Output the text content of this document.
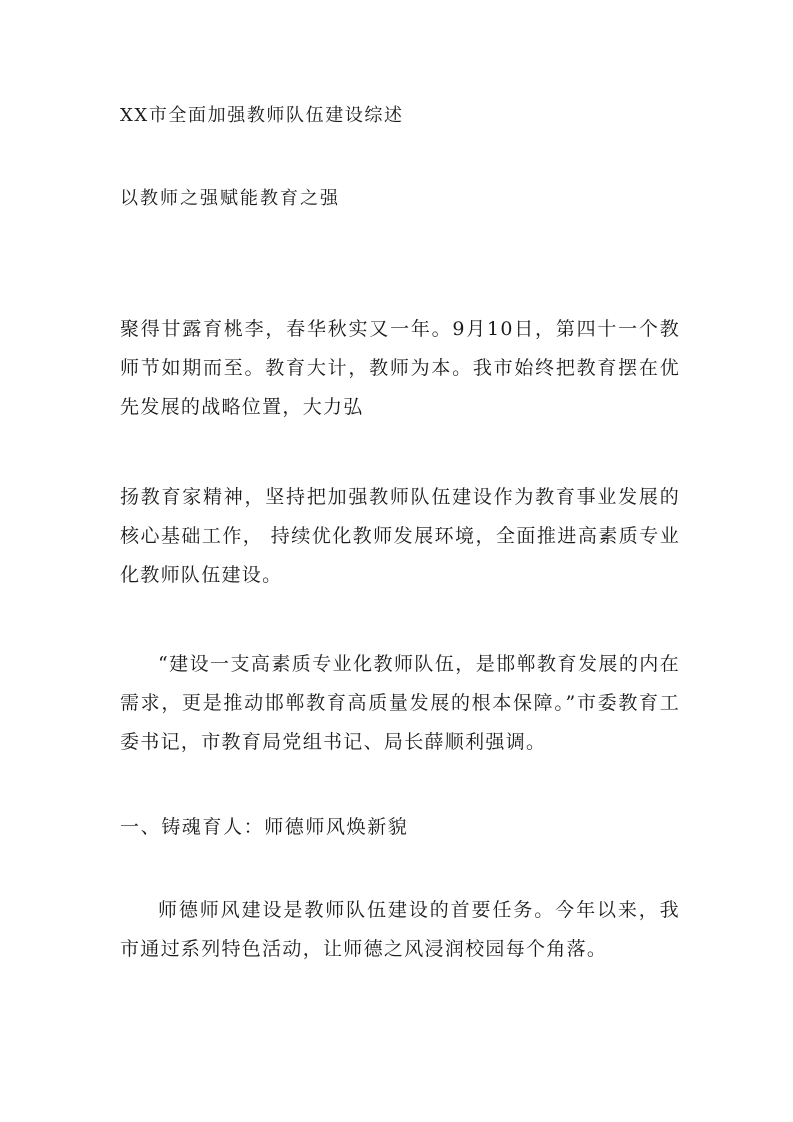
XX市全面加强教师队伍建设综述
以教师之强赋能教育之强

聚得甘露育桃李，春华秋实又一年。9月10日，第四十一个教师节如期而至。教育大计，教师为本。我市始终把教育摆在优先发展的战略位置，大力弘

扬教育家精神，坚持把加强教师队伍建设作为教育事业发展的核心基础工作， 持续优化教师发展环境，全面推进高素质专业化教师队伍建设。

“建设一支高素质专业化教师队伍，是邯郸教育发展的内在需求，更是推动邯郸教育高质量发展的根本保障。”市委教育工委书记，市教育局党组书记、局长薛顺利强调。

一、铸魂育人：师德师风焕新貌

师德师风建设是教师队伍建设的首要任务。今年以来，我市通过系列特色活动，让师德之风浸润校园每个角落。
